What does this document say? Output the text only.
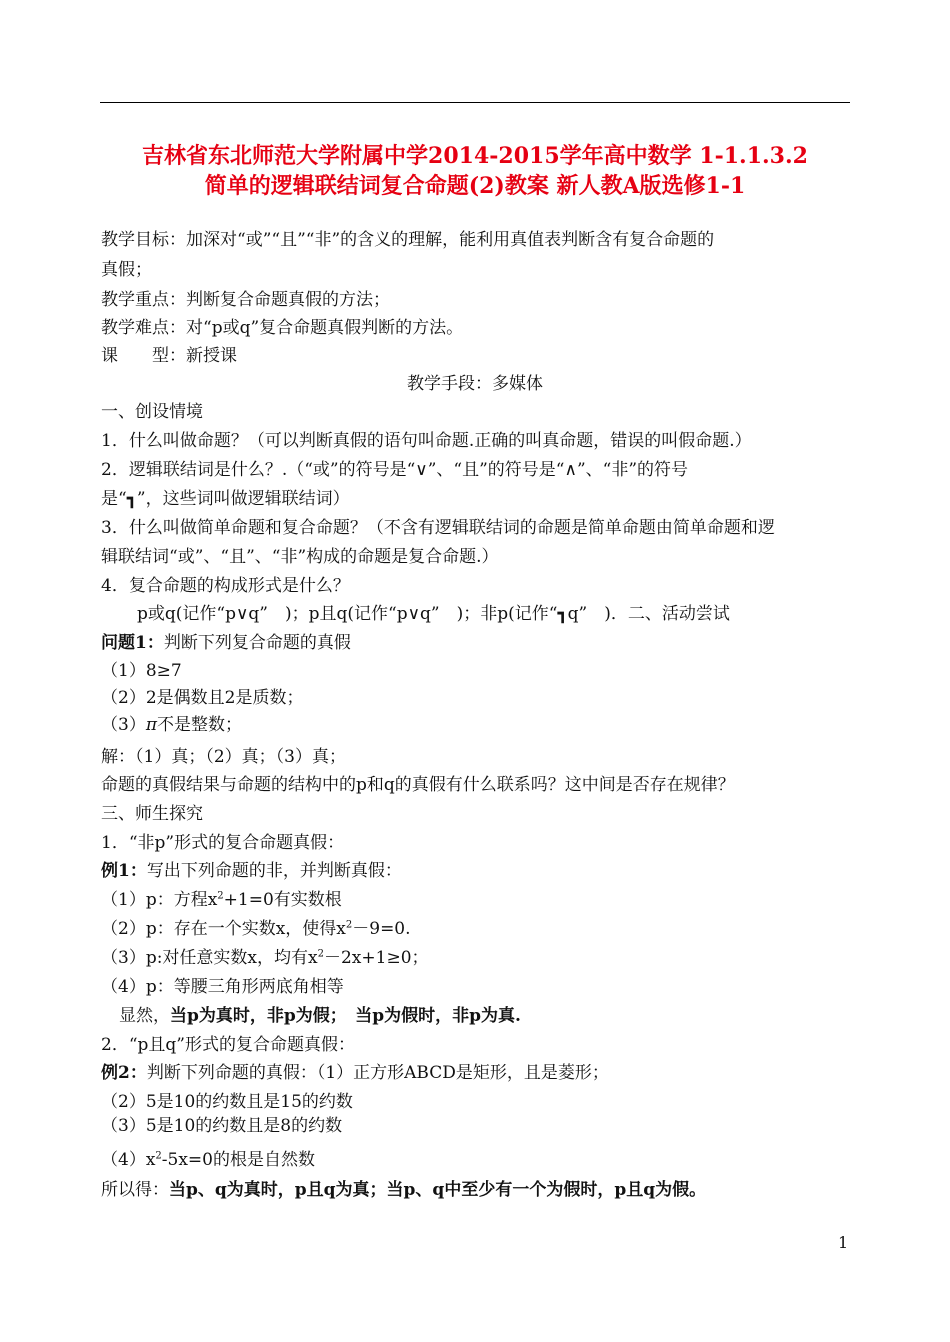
吉林省东北师范大学附属中学2014-2015学年高中数学 1-1.1.3.2
简单的逻辑联结词复合命题(2)教案 新人教A版选修1-1
教学目标：加深对“或”“且”“非”的含义的理解，能利用真值表判断含有复合命题的
真假；
教学重点：判断复合命题真假的方法；
教学难点：对“p或q”复合命题真假判断的方法。
课　　型：新授课
教学手段：多媒体
一、创设情境
1．什么叫做命题？（可以判断真假的语句叫命题.正确的叫真命题，错误的叫假命题.）
2．逻辑联结词是什么？.（“或”的符号是“∨”、“且”的符号是“∧”、“非”的符号
是“┓”，这些词叫做逻辑联结词）
3．什么叫做简单命题和复合命题？（不含有逻辑联结词的命题是简单命题由简单命题和逻
辑联结词“或”、“且”、“非”构成的命题是复合命题.）
4．复合命题的构成形式是什么？
p或q(记作“p∨q”　)；p且q(记作“p∨q”　)；非p(记作“┓q”　)．二、活动尝试
问题1：判断下列复合命题的真假
（1）8≥7
（2）2是偶数且2是质数；
（3）π不是整数；
解：（1）真；（2）真；（3）真；
命题的真假结果与命题的结构中的p和q的真假有什么联系吗？这中间是否存在规律？
三、师生探究
1．“非p”形式的复合命题真假：
例1：写出下列命题的非，并判断真假：
（1）p：方程$x^2+1=0$有实数根
（2）p：存在一个实数x，使得$x^2-9=0$.
（3）p:对任意实数x，均有$x^2-2x+1\ge 0$；
（4）p：等腰三角形两底角相等
显然，当p为真时，非p为假；　当p为假时，非p为真.
2．“p且q”形式的复合命题真假：
例2：判断下列命题的真假：（1）正方形ABCD是矩形，且是菱形；
（2）5是10的约数且是15的约数
（3）5是10的约数且是8的约数
$(4)x^2-5x=0$的根是自然数
所以得：当p、q为真时，p且q为真；当p、q中至少有一个为假时，p且q为假。
1
